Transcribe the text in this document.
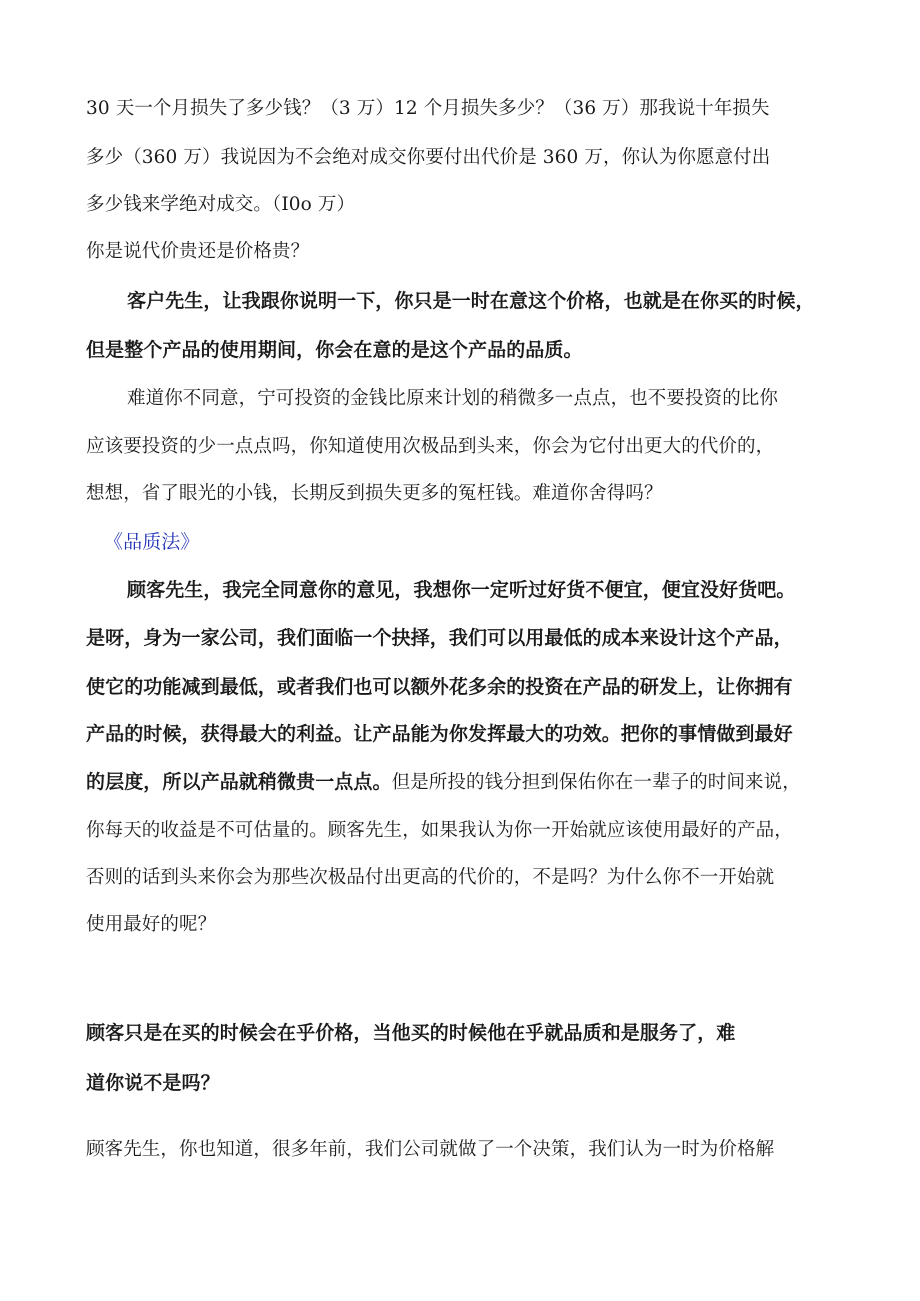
30 天一个月损失了多少钱？（3 万）12 个月损失多少？（36 万）那我说十年损失
多少（360 万）我说因为不会绝对成交你要付出代价是 360 万，你认为你愿意付出
多少钱来学绝对成交。（I0o 万）
你是说代价贵还是价格贵？
客户先生，让我跟你说明一下，你只是一时在意这个价格，也就是在你买的时候，
但是整个产品的使用期间，你会在意的是这个产品的品质。
难道你不同意，宁可投资的金钱比原来计划的稍微多一点点，也不要投资的比你
应该要投资的少一点点吗，你知道使用次极品到头来，你会为它付出更大的代价的，
想想，省了眼光的小钱，长期反到损失更多的冤枉钱。难道你舍得吗？
《品质法》
顾客先生，我完全同意你的意见，我想你一定听过好货不便宜，便宜没好货吧。
是呀，身为一家公司，我们面临一个抉择，我们可以用最低的成本来设计这个产品，
使它的功能减到最低，或者我们也可以额外花多余的投资在产品的研发上，让你拥有
产品的时候，获得最大的利益。让产品能为你发挥最大的功效。把你的事情做到最好
的层度，所以产品就稍微贵一点点。但是所投的钱分担到保佑你在一辈子的时间来说，
你每天的收益是不可估量的。顾客先生，如果我认为你一开始就应该使用最好的产品，
否则的话到头来你会为那些次极品付出更高的代价的，不是吗？为什么你不一开始就
使用最好的呢？
顾客只是在买的时候会在乎价格，当他买的时候他在乎就品质和是服务了，难
道你说不是吗？
顾客先生，你也知道，很多年前，我们公司就做了一个决策，我们认为一时为价格解
